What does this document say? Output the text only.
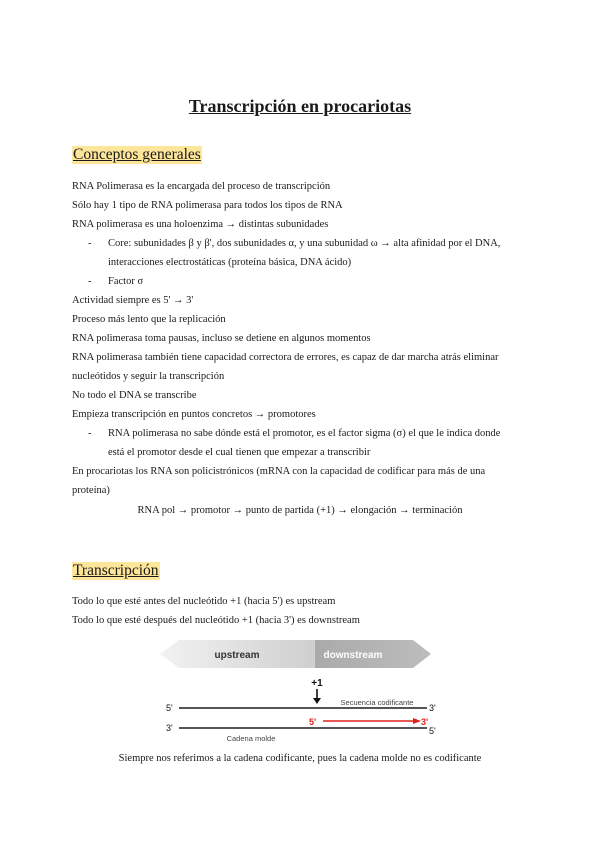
Transcripción en procariotas
Conceptos generales
RNA Polimerasa es la encargada del proceso de transcripción
Sólo hay 1 tipo de RNA polimerasa para todos los tipos de RNA
RNA polimerasa es una holoenzima → distintas subunidades
- Core: subunidades β y β', dos subunidades α, y una subunidad ω → alta afinidad por el DNA,
interacciones electrostáticas (proteína básica, DNA ácido)
- Factor σ
Actividad siempre es 5' → 3'
Proceso más lento que la replicación
RNA polimerasa toma pausas, incluso se detiene en algunos momentos
RNA polimerasa también tiene capacidad correctora de errores, es capaz de dar marcha atrás eliminar
nucleótidos y seguir la transcripción
No todo el DNA se transcribe
Empieza transcripción en puntos concretos → promotores
- RNA polimerasa no sabe dónde está el promotor, es el factor sigma (σ) el que le indica donde
está el promotor desde el cual tienen que empezar a transcribir
En procariotas los RNA son policistrónicos (mRNA con la capacidad de codificar para más de una
proteína)
RNA pol → promotor → punto de partida (+1) → elongación → terminación
Transcripción
Todo lo que esté antes del nucleótido +1 (hacia 5') es upstream
Todo lo que esté después del nucleótido +1 (hacia 3') es downstream
upstream	downstream
+1
Secuencia codificante
5'	3'
5'	3'
3'	5'
Cadena molde
Siempre nos referimos a la cadena codificante, pues la cadena molde no es codificante
